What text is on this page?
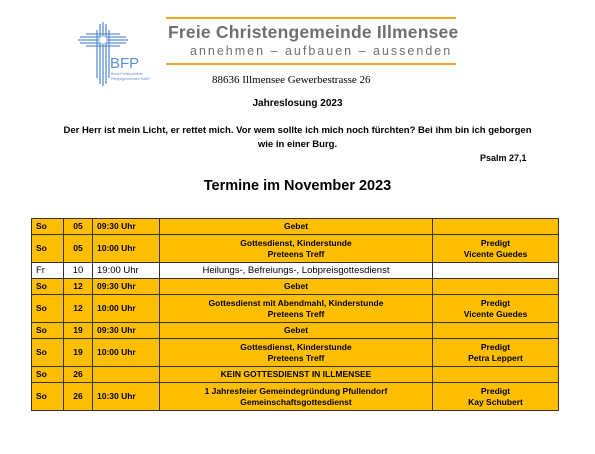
BFP
Bund Freikirchlicher
Pfingstgemeinden KdöR
Freie Christengemeinde Illmensee
annehmen – aufbauen – aussenden
88636 Illmensee Gewerbestrasse 26
Jahreslosung 2023
Der Herr ist mein Licht, er rettet mich. Vor wem sollte ich mich noch fürchten? Bei ihm bin ich geborgen wie in einer Burg.
Psalm 27,1
Termine im November 2023
So	05	09:30 Uhr	Gebet	

So	05	10:00 Uhr	Gottesdienst, Kinderstunde
Preteens Treff	Predigt
Vicente Guedes

Fr	10	19:00 Uhr	Heilungs-, Befreiungs-, Lobpreisgottesdienst	

So	12	09:30 Uhr	Gebet	

So	12	10:00 Uhr	Gottesdienst mit Abendmahl, Kinderstunde
Preteens Treff	Predigt
Vicente Guedes

So	19	09:30 Uhr	Gebet	

So	19	10:00 Uhr	Gottesdienst, Kinderstunde
Preteens Treff	Predigt
Petra Leppert

So	26		KEIN GOTTESDIENST IN ILLMENSEE	

So	26	10:30 Uhr	1 Jahresfeier Gemeindegründung Pfullendorf
Gemeinschaftsgottesdienst	Predigt
Kay Schubert
